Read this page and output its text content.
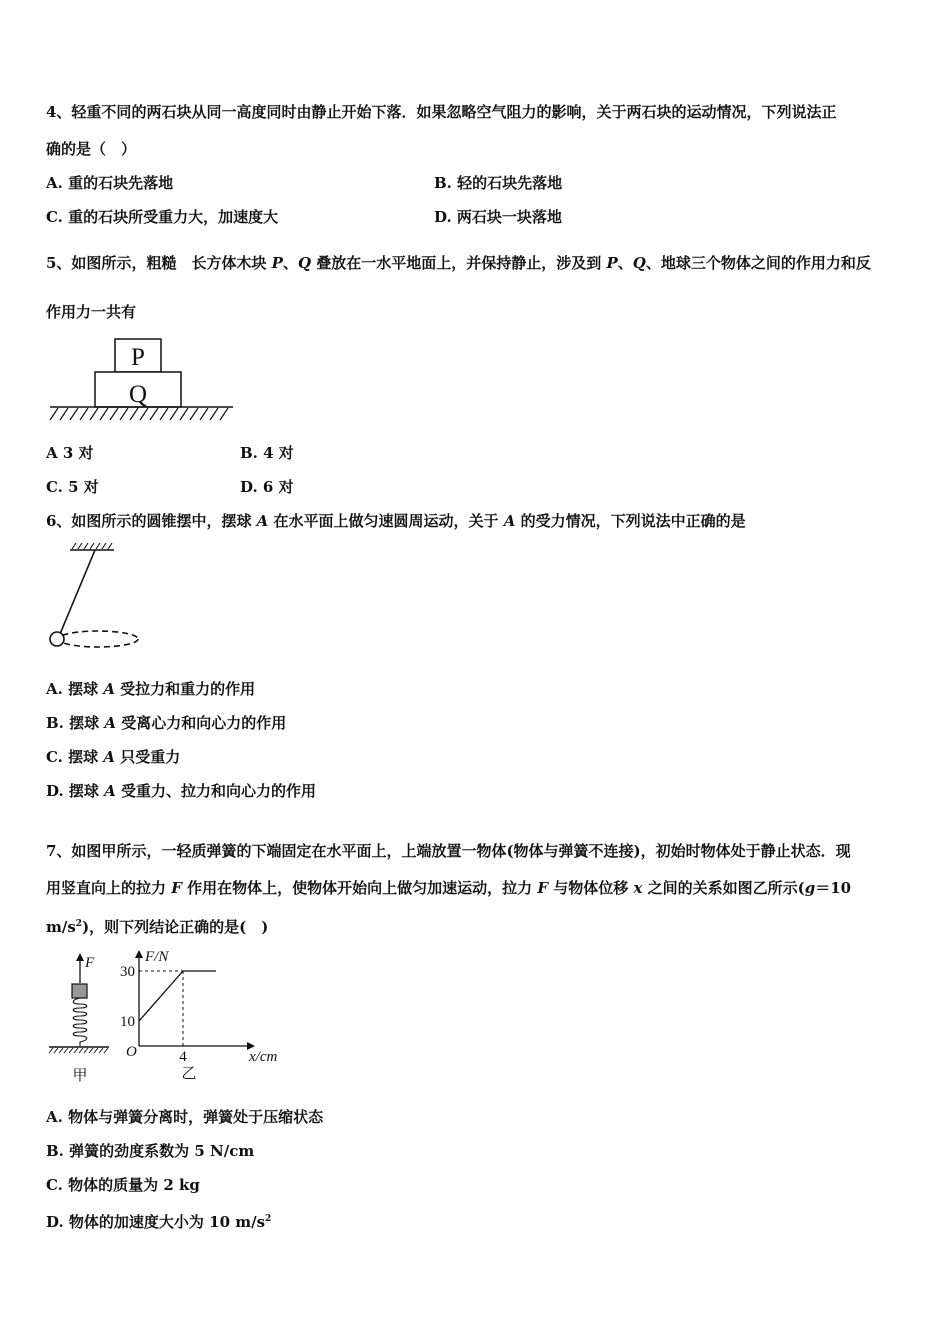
4、轻重不同的两石块从同一高度同时由静止开始下落．如果忽略空气阻力的影响，关于两石块的运动情况，下列说法正
确的是（　）
A. 重的石块先落地	B. 轻的石块先落地
C. 重的石块所受重力大，加速度大	D. 两石块一块落地
5、如图所示，粗糙　长方体木块 P、Q 叠放在一水平地面上，并保持静止，涉及到 P、Q、地球三个物体之间的作用力和反
作用力一共有
P
Q
A 3 对	B. 4 对
C. 5 对	D. 6 对
6、如图所示的圆锥摆中，摆球 A 在水平面上做匀速圆周运动，关于 A 的受力情况，下列说法中正确的是
A. 摆球 A 受拉力和重力的作用
B. 摆球 A 受离心力和向心力的作用
C. 摆球 A 只受重力
D. 摆球 A 受重力、拉力和向心力的作用
7、如图甲所示，一轻质弹簧的下端固定在水平面上，上端放置一物体(物体与弹簧不连接)，初始时物体处于静止状态．现
用竖直向上的拉力 F 作用在物体上，使物体开始向上做匀加速运动，拉力 F 与物体位移 x 之间的关系如图乙所示(g＝10
$m/s^2$)，则下列结论正确的是(　)
F
甲
F/N
x/cm
O
10
30
4
乙
A. 物体与弹簧分离时，弹簧处于压缩状态
B. 弹簧的劲度系数为 5 N/cm
C. 物体的质量为 2 kg
D. 物体的加速度大小为 10 $m/s^2$
